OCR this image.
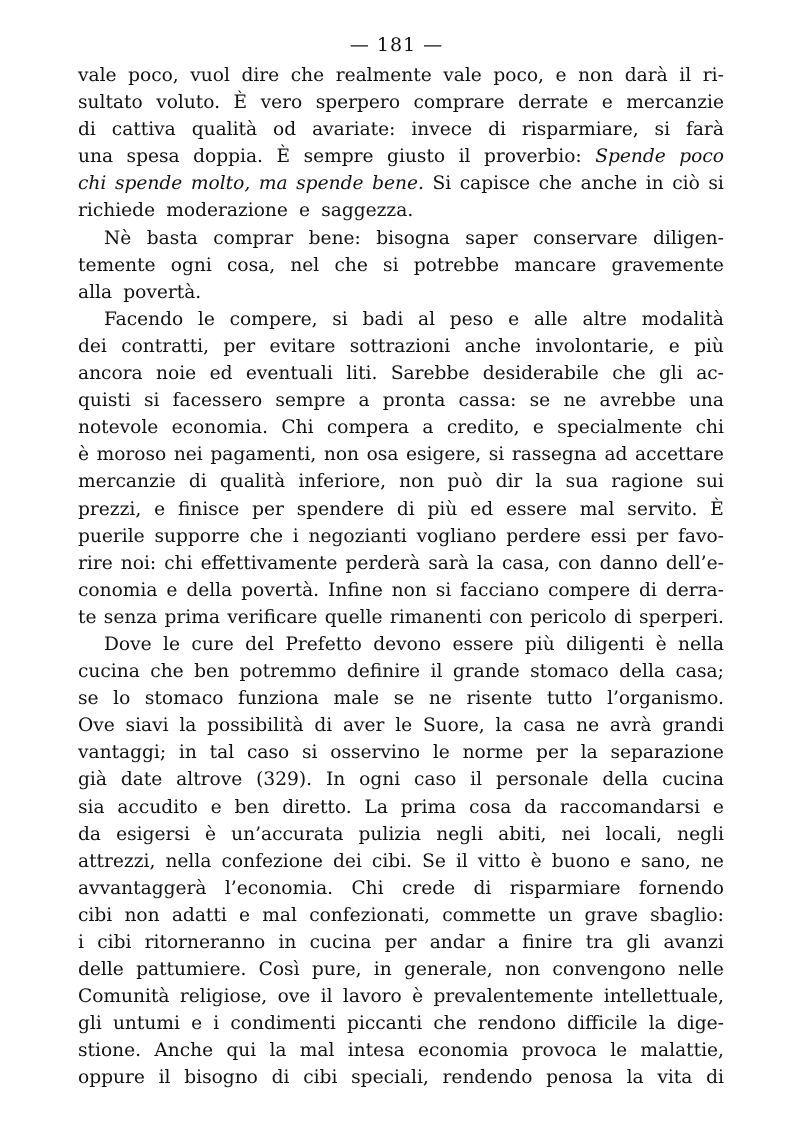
— 181 —
vale poco, vuol dire che realmente vale poco, e non darà il ri-
sultato voluto. È vero sperpero comprare derrate e mercanzie
di cattiva qualità od avariate: invece di risparmiare, si farà
una spesa doppia. È sempre giusto il proverbio: Spende poco
chi spende molto, ma spende bene. Si capisce che anche in ciò si
richiede moderazione e saggezza.
Nè basta comprar bene: bisogna saper conservare diligen-
temente ogni cosa, nel che si potrebbe mancare gravemente
alla povertà.
Facendo le compere, si badi al peso e alle altre modalità
dei contratti, per evitare sottrazioni anche involontarie, e più
ancora noie ed eventuali liti. Sarebbe desiderabile che gli ac-
quisti si facessero sempre a pronta cassa: se ne avrebbe una
notevole economia. Chi compera a credito, e specialmente chi
è moroso nei pagamenti, non osa esigere, si rassegna ad accettare
mercanzie di qualità inferiore, non può dir la sua ragione sui
prezzi, e finisce per spendere di più ed essere mal servito. È
puerile supporre che i negozianti vogliano perdere essi per favo-
rire noi: chi effettivamente perderà sarà la casa, con danno dell’e-
conomia e della povertà. Infine non si facciano compere di derra-
te senza prima verificare quelle rimanenti con pericolo di sperperi.
Dove le cure del Prefetto devono essere più diligenti è nella
cucina che ben potremmo definire il grande stomaco della casa;
se lo stomaco funziona male se ne risente tutto l’organismo.
Ove siavi la possibilità di aver le Suore, la casa ne avrà grandi
vantaggi; in tal caso si osservino le norme per la separazione
già date altrove (329). In ogni caso il personale della cucina
sia accudito e ben diretto. La prima cosa da raccomandarsi e
da esigersi è un’accurata pulizia negli abiti, nei locali, negli
attrezzi, nella confezione dei cibi. Se il vitto è buono e sano, ne
avvantaggerà l’economia. Chi crede di risparmiare fornendo
cibi non adatti e mal confezionati, commette un grave sbaglio:
i cibi ritorneranno in cucina per andar a finire tra gli avanzi
delle pattumiere. Così pure, in generale, non convengono nelle
Comunità religiose, ove il lavoro è prevalentemente intellettuale,
gli untumi e i condimenti piccanti che rendono difficile la dige-
stione. Anche qui la mal intesa economia provoca le malattie,
oppure il bisogno di cibi speciali, rendendo penosa la vita di
